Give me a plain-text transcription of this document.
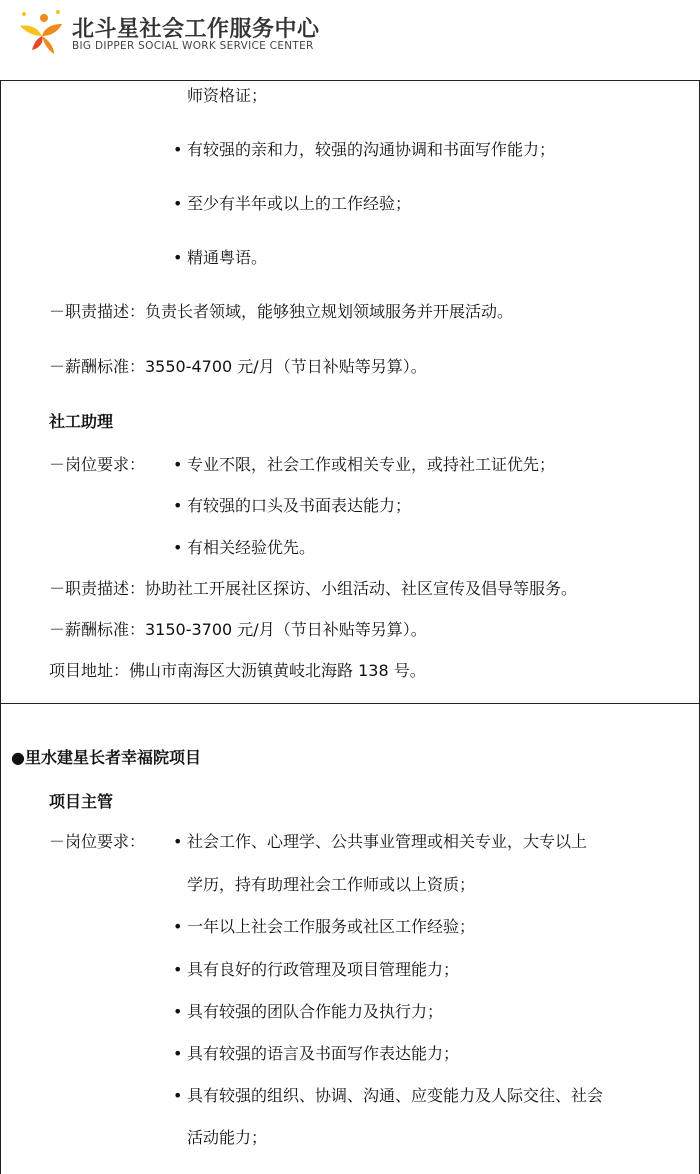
北斗星社会工作服务中心
BIG DIPPER SOCIAL WORK SERVICE CENTER
师资格证；
• 有较强的亲和力，较强的沟通协调和书面写作能力；
• 至少有半年或以上的工作经验；
• 精通粤语。
－职责描述：负责长者领域，能够独立规划领域服务并开展活动。
－薪酬标准：3550-4700 元/月（节日补贴等另算）。
社工助理
－岗位要求： • 专业不限，社会工作或相关专业，或持社工证优先；
• 有较强的口头及书面表达能力；
• 有相关经验优先。
－职责描述：协助社工开展社区探访、小组活动、社区宣传及倡导等服务。
－薪酬标准：3150-3700 元/月（节日补贴等另算）。
项目地址：佛山市南海区大沥镇黄岐北海路 138 号。
●里水建星长者幸福院项目
项目主管
－岗位要求： • 社会工作、心理学、公共事业管理或相关专业，大专以上
学历，持有助理社会工作师或以上资质；
• 一年以上社会工作服务或社区工作经验；
• 具有良好的行政管理及项目管理能力；
• 具有较强的团队合作能力及执行力；
• 具有较强的语言及书面写作表达能力；
• 具有较强的组织、协调、沟通、应变能力及人际交往、社会
活动能力；
